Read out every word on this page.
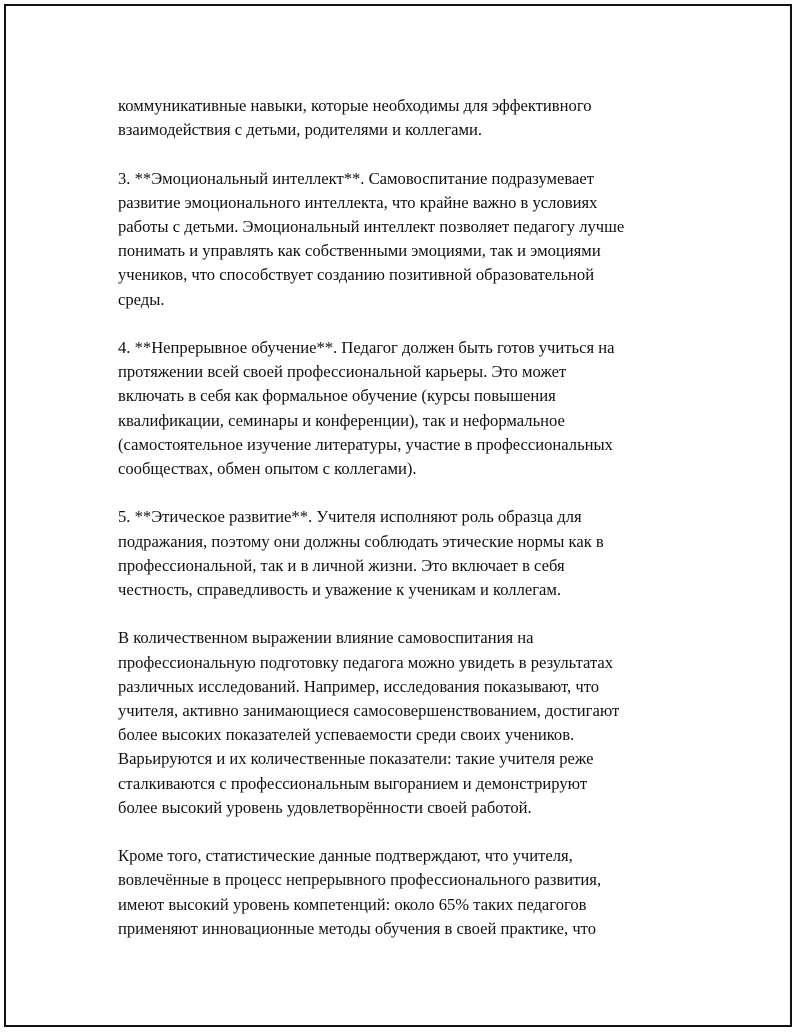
коммуникативные навыки, которые необходимы для эффективного
взаимодействия с детьми, родителями и коллегами.

3. **Эмоциональный интеллект**. Самовоспитание подразумевает
развитие эмоционального интеллекта, что крайне важно в условиях
работы с детьми. Эмоциональный интеллект позволяет педагогу лучше
понимать и управлять как собственными эмоциями, так и эмоциями
учеников, что способствует созданию позитивной образовательной
среды.

4. **Непрерывное обучение**. Педагог должен быть готов учиться на
протяжении всей своей профессиональной карьеры. Это может
включать в себя как формальное обучение (курсы повышения
квалификации, семинары и конференции), так и неформальное
(самостоятельное изучение литературы, участие в профессиональных
сообществах, обмен опытом с коллегами).

5. **Этическое развитие**. Учителя исполняют роль образца для
подражания, поэтому они должны соблюдать этические нормы как в
профессиональной, так и в личной жизни. Это включает в себя
честность, справедливость и уважение к ученикам и коллегам.

В количественном выражении влияние самовоспитания на
профессиональную подготовку педагога можно увидеть в результатах
различных исследований. Например, исследования показывают, что
учителя, активно занимающиеся самосовершенствованием, достигают
более высоких показателей успеваемости среди своих учеников.
Варьируются и их количественные показатели: такие учителя реже
сталкиваются с профессиональным выгоранием и демонстрируют
более высокий уровень удовлетворённости своей работой.

Кроме того, статистические данные подтверждают, что учителя,
вовлечённые в процесс непрерывного профессионального развития,
имеют высокий уровень компетенций: около 65% таких педагогов
применяют инновационные методы обучения в своей практике, что
